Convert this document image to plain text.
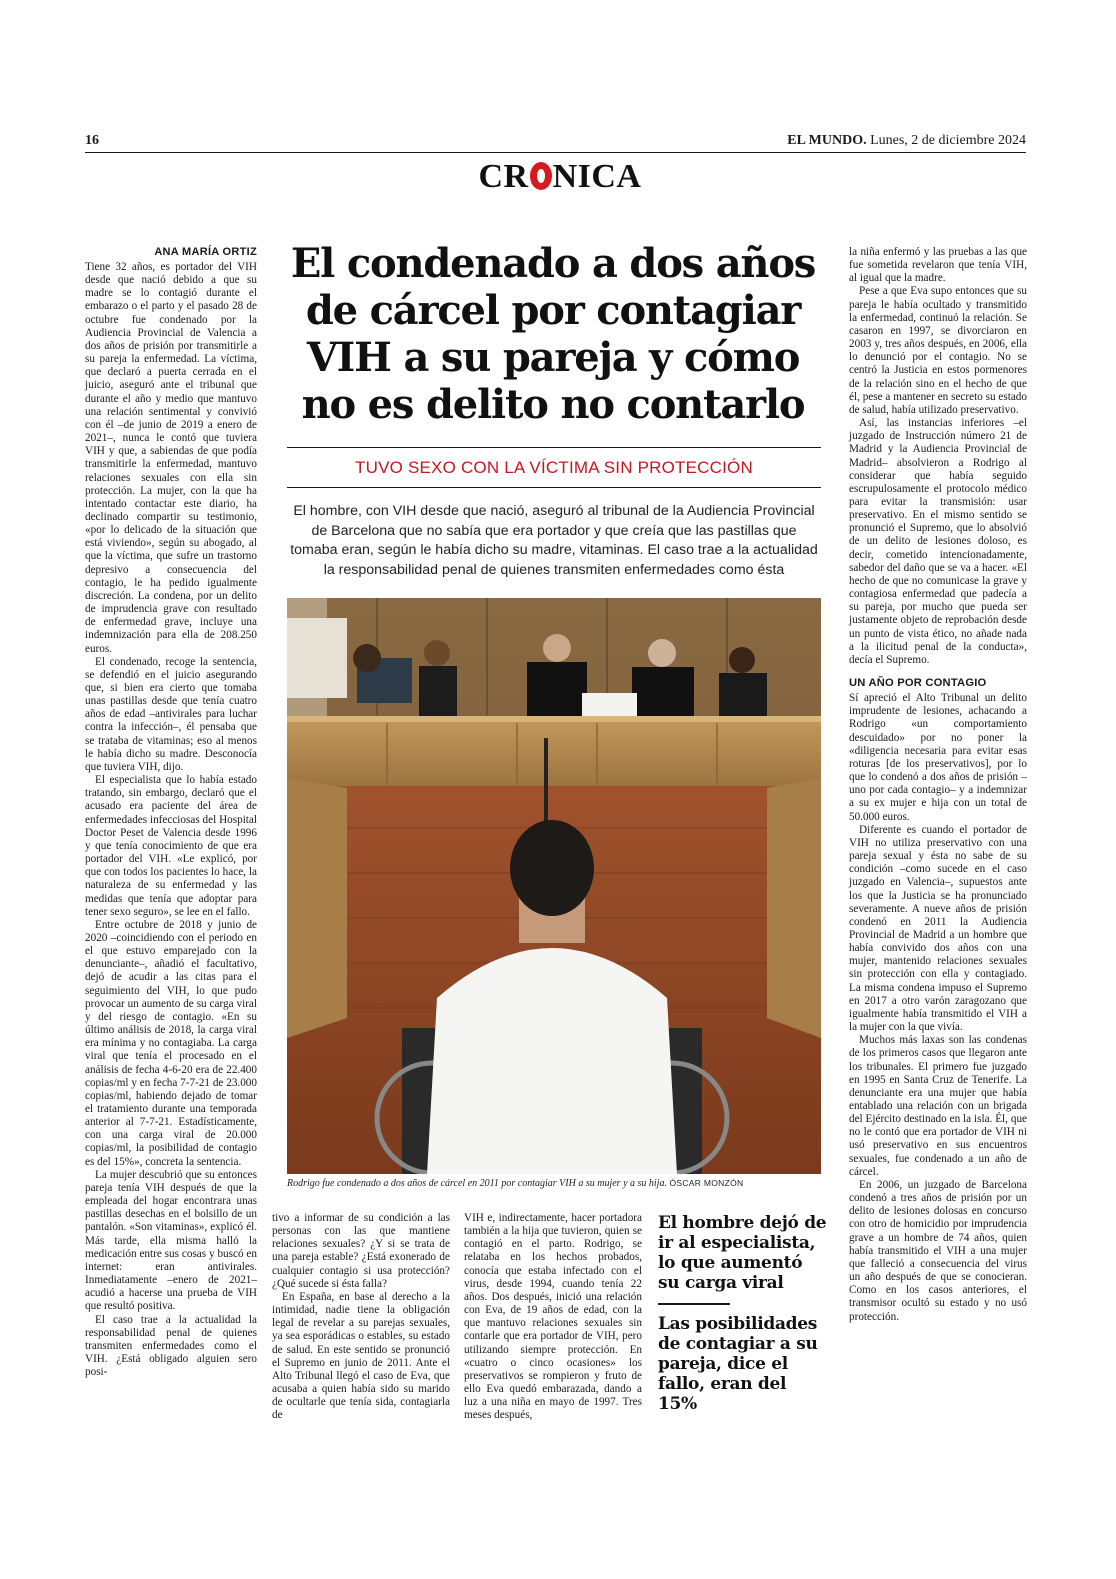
16	EL MUNDO. Lunes, 2 de diciembre 2024
CR NICA
ANA MARÍA ORTIZ

Tiene 32 años, es portador del VIH desde que nació debido a que su madre se lo contagió durante el embarazo o el parto y el pasado 28 de octubre fue condenado por la Audiencia Provincial de Valencia a dos años de prisión por transmitirle a su pareja la enfermedad. La víctima, que declaró a puerta cerrada en el juicio, aseguró ante el tribunal que durante el año y medio que mantuvo una relación sentimental y convivió con él –de junio de 2019 a enero de 2021–, nunca le contó que tuviera VIH y que, a sabiendas de que podía transmitirle la enfermedad, mantuvo relaciones sexuales con ella sin protección. La mujer, con la que ha intentado contactar este diario, ha declinado compartir su testimonio, «por lo delicado de la situación que está viviendo», según su abogado, al que la víctima, que sufre un trastorno depresivo a consecuencia del contagio, le ha pedido igualmente discreción. La condena, por un delito de imprudencia grave con resultado de enfermedad grave, incluye una indemnización para ella de 208.250 euros.

El condenado, recoge la sentencia, se defendió en el juicio asegurando que, si bien era cierto que tomaba unas pastillas desde que tenía cuatro años de edad –antivirales para luchar contra la infección–, él pensaba que se trataba de vitaminas; eso al menos le había dicho su madre. Desconocía que tuviera VIH, dijo.

El especialista que lo había estado tratando, sin embargo, declaró que el acusado era paciente del área de enfermedades infecciosas del Hospital Doctor Peset de Valencia desde 1996 y que tenía conocimiento de que era portador del VIH. «Le explicó, por que con todos los pacientes lo hace, la naturaleza de su enfermedad y las medidas que tenía que adoptar para tener sexo seguro», se lee en el fallo.

Entre octubre de 2018 y junio de 2020 –coincidiendo con el periodo en el que estuvo emparejado con la denunciante–, añadió el facultativo, dejó de acudir a las citas para el seguimiento del VIH, lo que pudo provocar un aumento de su carga viral y del riesgo de contagio. «En su último análisis de 2018, la carga viral era mínima y no contagiaba. La carga viral que tenía el procesado en el análisis de fecha 4-6-20 era de 22.400 copias/ml y en fecha 7-7-21 de 23.000 copias/ml, habiendo dejado de tomar el tratamiento durante una temporada anterior al 7-7-21. Estadísticamente, con una carga viral de 20.000 copias/ml, la posibilidad de contagio es del 15%», concreta la sentencia.

La mujer descubrió que su entonces pareja tenía VIH después de que la empleada del hogar encontrara unas pastillas desechas en el bolsillo de un pantalón. «Son vitaminas», explicó él. Más tarde, ella misma halló la medicación entre sus cosas y buscó en internet: eran antivirales. Inmediatamente –enero de 2021– acudió a hacerse una prueba de VIH que resultó positiva.

El caso trae a la actualidad la responsabilidad penal de quienes transmiten enfermedades como el VIH. ¿Está obligado alguien sero posi-

tivo a informar de su condición a las personas con las que mantiene relaciones sexuales? ¿Y si se trata de una pareja estable? ¿Está exonerado de cualquier contagio si usa protección? ¿Qué sucede si ésta falla?

En España, en base al derecho a la intimidad, nadie tiene la obligación legal de revelar a su parejas sexuales, ya sea esporádicas o estables, su estado de salud. En este sentido se pronunció el Supremo en junio de 2011. Ante el Alto Tribunal llegó el caso de Eva, que acusaba a quien había sido su marido de ocultarle que tenía sida, contagiarla de

VIH e, indirectamente, hacer portadora también a la hija que tuvieron, quien se contagió en el parto. Rodrigo, se relataba en los hechos probados, conocía que estaba infectado con el virus, desde 1994, cuando tenía 22 años. Dos después, inició una relación con Eva, de 19 años de edad, con la que mantuvo relaciones sexuales sin contarle que era portador de VIH, pero utilizando siempre protección. En «cuatro o cinco ocasiones» los preservativos se rompieron y fruto de ello Eva quedó embarazada, dando a luz a una niña en mayo de 1997. Tres meses después,

la niña enfermó y las pruebas a las que fue sometida revelaron que tenía VIH, al igual que la madre.

Pese a que Eva supo entonces que su pareja le había ocultado y transmitido la enfermedad, continuó la relación. Se casaron en 1997, se divorciaron en 2003 y, tres años después, en 2006, ella lo denunció por el contagio. No se centró la Justicia en estos pormenores de la relación sino en el hecho de que él, pese a mantener en secreto su estado de salud, había utilizado preservativo.

Así, las instancias inferiores –el juzgado de Instrucción número 21 de Madrid y la Audiencia Provincial de Madrid– absolvieron a Rodrigo al considerar que había seguido escrupulosamente el protocolo médico para evitar la transmisión: usar preservativo. En el mismo sentido se pronunció el Supremo, que lo absolvió de un delito de lesiones doloso, es decir, cometido intencionadamente, sabedor del daño que se va a hacer. «El hecho de que no comunicase la grave y contagiosa enfermedad que padecía a su pareja, por mucho que pueda ser justamente objeto de reprobación desde un punto de vista ético, no añade nada a la ilicitud penal de la conducta», decía el Supremo.

UN AÑO POR CONTAGIO

Sí apreció el Alto Tribunal un delito imprudente de lesiones, achacando a Rodrigo «un comportamiento descuidado» por no poner la «diligencia necesaria para evitar esas roturas [de los preservativos], por lo que lo condenó a dos años de prisión –uno por cada contagio– y a indemnizar a su ex mujer e hija con un total de 50.000 euros.

Diferente es cuando el portador de VIH no utiliza preservativo con una pareja sexual y ésta no sabe de su condición –como sucede en el caso juzgado en Valencia–, supuestos ante los que la Justicia se ha pronunciado severamente. A nueve años de prisión condenó en 2011 la Audiencia Provincial de Madrid a un hombre que había convivido dos años con una mujer, mantenido relaciones sexuales sin protección con ella y contagiado. La misma condena impuso el Supremo en 2017 a otro varón zaragozano que igualmente había transmitido el VIH a la mujer con la que vivía.

Muchos más laxas son las condenas de los primeros casos que llegaron ante los tribunales. El primero fue juzgado en 1995 en Santa Cruz de Tenerife. La denunciante era una mujer que había entablado una relación con un brigada del Ejército destinado en la isla. Él, que no le contó que era portador de VIH ni usó preservativo en sus encuentros sexuales, fue condenado a un año de cárcel.

En 2006, un juzgado de Barcelona condenó a tres años de prisión por un delito de lesiones dolosas en concurso con otro de homicidio por imprudencia grave a un hombre de 74 años, quien había transmitido el VIH a una mujer que falleció a consecuencia del virus un año después de que se conocieran. Como en los casos anteriores, el transmisor ocultó su estado y no usó protección.

El condenado a dos años de cárcel por contagiar VIH a su pareja y cómo no es delito no contarlo
TUVO SEXO CON LA VÍCTIMA SIN PROTECCIÓN
El hombre, con VIH desde que nació, aseguró al tribunal de la Audiencia Provincial de Barcelona que no sabía que era portador y que creía que las pastillas que tomaba eran, según le había dicho su madre, vitaminas. El caso trae a la actualidad la responsabilidad penal de quienes transmiten enfermedades como ésta
Rodrigo fue condenado a dos años de cárcel en 2011 por contagiar VIH a su mujer y a su hija. ÓSCAR MONZÓN
El hombre dejó de ir al especialista, lo que aumentó su carga viral
Las posibilidades de contagiar a su pareja, dice el fallo, eran del 15%
